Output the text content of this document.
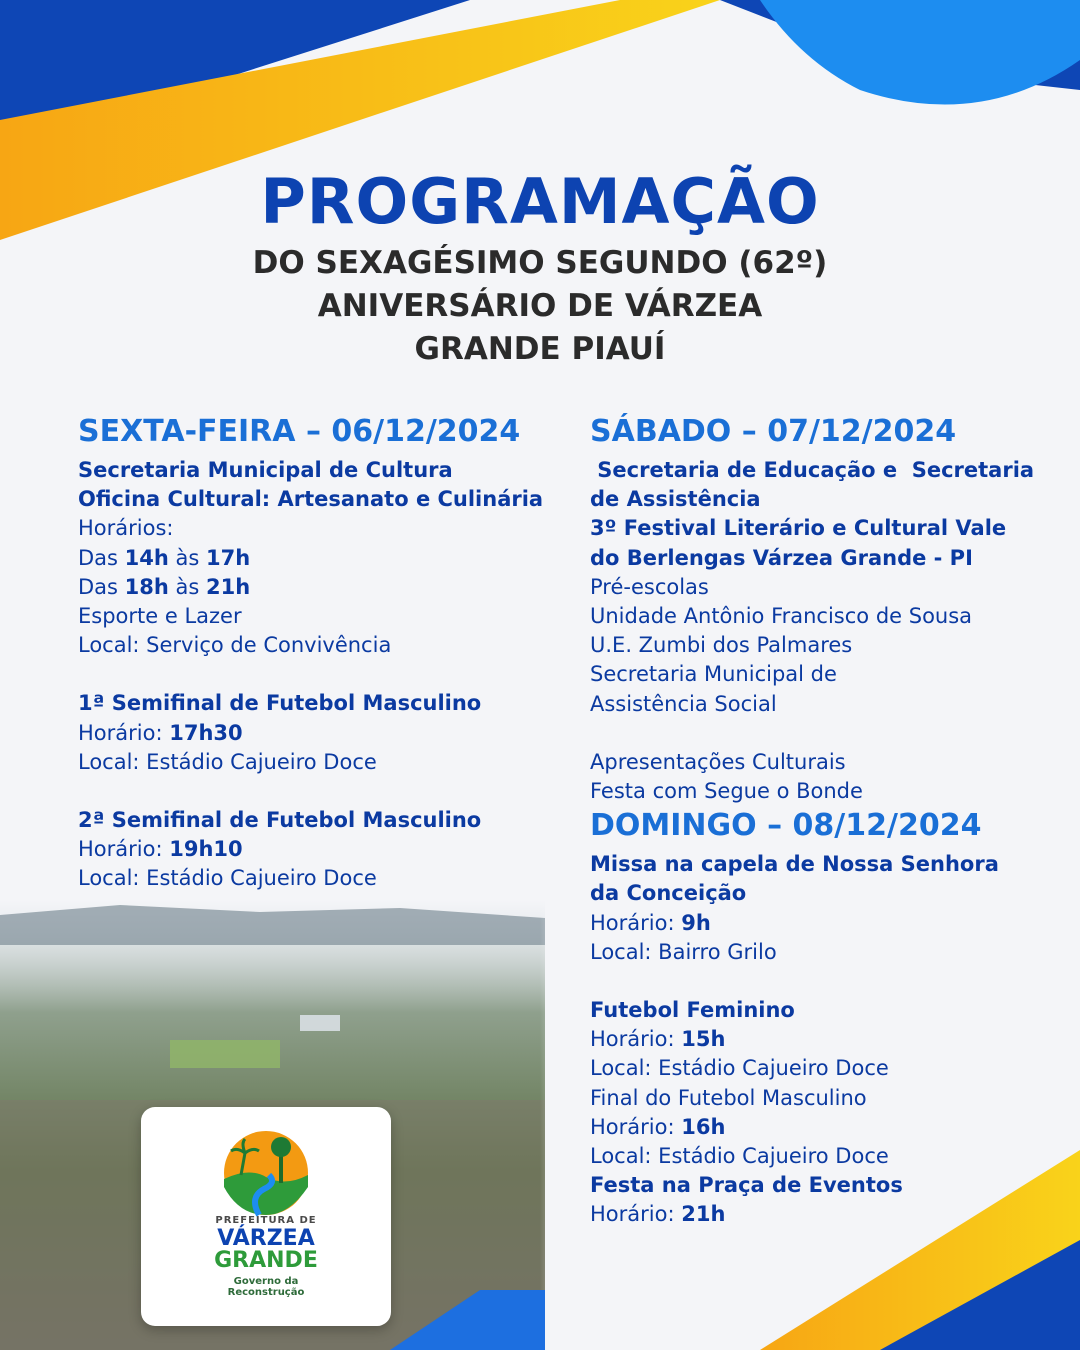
PROGRAMAÇÃO
DO SEXAGÉSIMO SEGUNDO (62º)
ANIVERSÁRIO DE VÁRZEA
GRANDE PIAUÍ
SEXTA-FEIRA – 06/12/2024
Secretaria Municipal de Cultura
Oficina Cultural: Artesanato e Culinária
Horários:
Das 14h às 17h
Das 18h às 21h
Esporte e Lazer
Local: Serviço de Convivência
1ª Semifinal de Futebol Masculino
Horário: 17h30
Local: Estádio Cajueiro Doce
2ª Semifinal de Futebol Masculino
Horário: 19h10
Local: Estádio Cajueiro Doce
SÁBADO – 07/12/2024
Secretaria de Educação e  Secretaria
de Assistência
3º Festival Literário e Cultural Vale
do Berlengas Várzea Grande - PI
Pré-escolas
Unidade Antônio Francisco de Sousa
U.E. Zumbi dos Palmares
Secretaria Municipal de
Assistência Social
Apresentações Culturais
Festa com Segue o Bonde
DOMINGO – 08/12/2024
Missa na capela de Nossa Senhora
da Conceição
Horário: 9h
Local: Bairro Grilo
Futebol Feminino
Horário: 15h
Local: Estádio Cajueiro Doce
Final do Futebol Masculino
Horário: 16h
Local: Estádio Cajueiro Doce
Festa na Praça de Eventos
Horário: 21h
PREFEITURA DE
VÁRZEA
GRANDE
Governo da
Reconstrução
